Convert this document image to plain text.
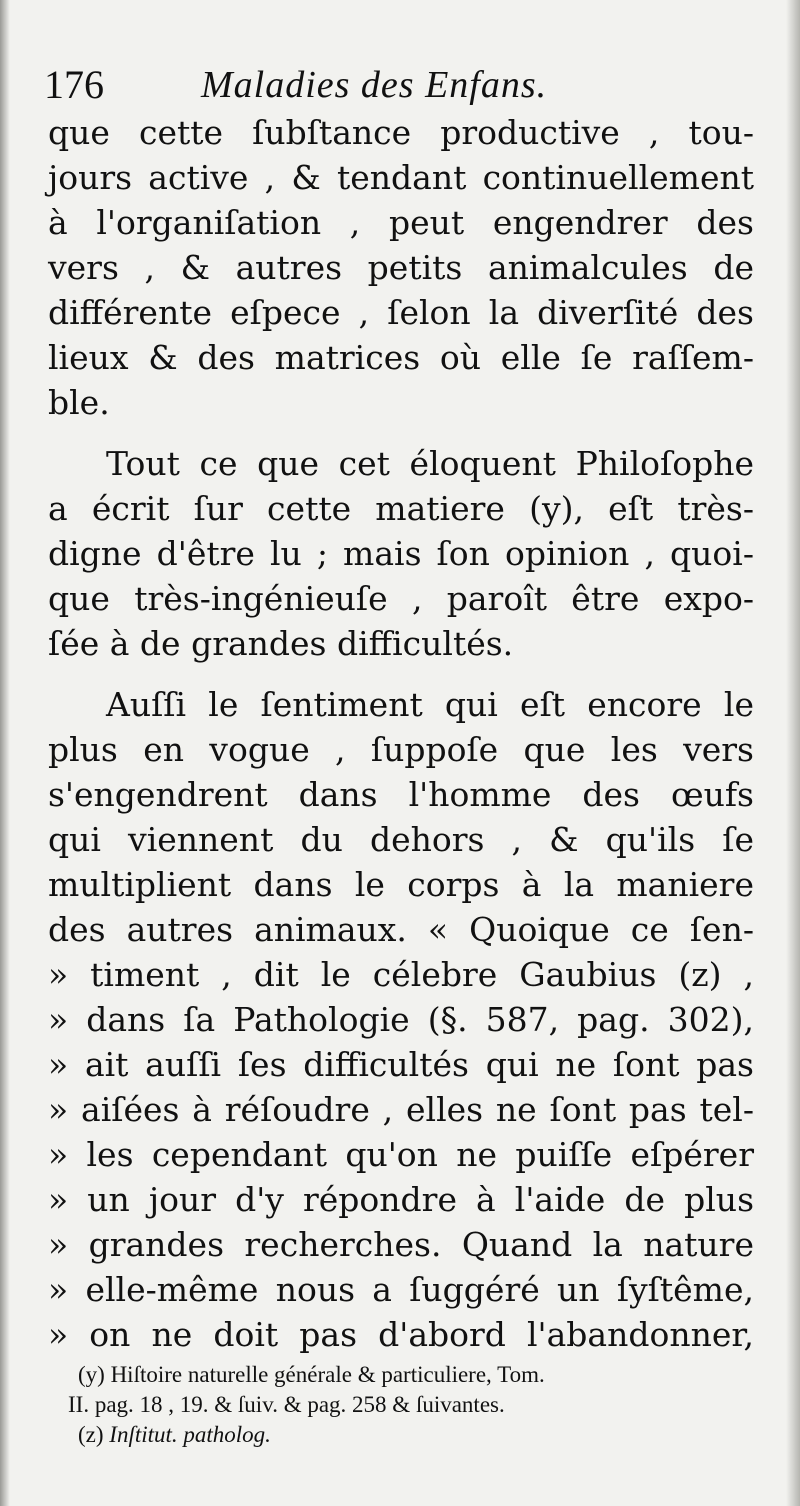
176	Maladies des Enfans.
que cette ſubſtance productive , tou-
jours active , & tendant continuellement
à l'organiſation , peut engendrer des
vers , & autres petits animalcules de
différente eſpece , ſelon la diverſité des
lieux & des matrices où elle ſe raſſem-
ble.
Tout ce que cet éloquent Philoſophe
a écrit ſur cette matiere (y), eſt très-
digne d'être lu ; mais ſon opinion , quoi-
que très-ingénieuſe , paroît être expo-
ſée à de grandes difficultés.
Auſſi le ſentiment qui eſt encore le
plus en vogue , ſuppoſe que les vers
s'engendrent dans l'homme des œufs
qui viennent du dehors , & qu'ils ſe
multiplient dans le corps à la maniere
des autres animaux. « Quoique ce ſen-
» timent , dit le célebre Gaubius (z) ,
» dans ſa Pathologie (§. 587, pag. 302),
» ait auſſi ſes difficultés qui ne ſont pas
» aiſées à réſoudre , elles ne ſont pas tel-
» les cependant qu'on ne puiſſe eſpérer
» un jour d'y répondre à l'aide de plus
» grandes recherches. Quand la nature
» elle-même nous a ſuggéré un ſyſtême,
» on ne doit pas d'abord l'abandonner,
(y) Hiſtoire naturelle générale & particuliere, Tom.
II. pag. 18 , 19. & ſuiv. & pag. 258 & ſuivantes.
(z) Inſtitut. patholog.
